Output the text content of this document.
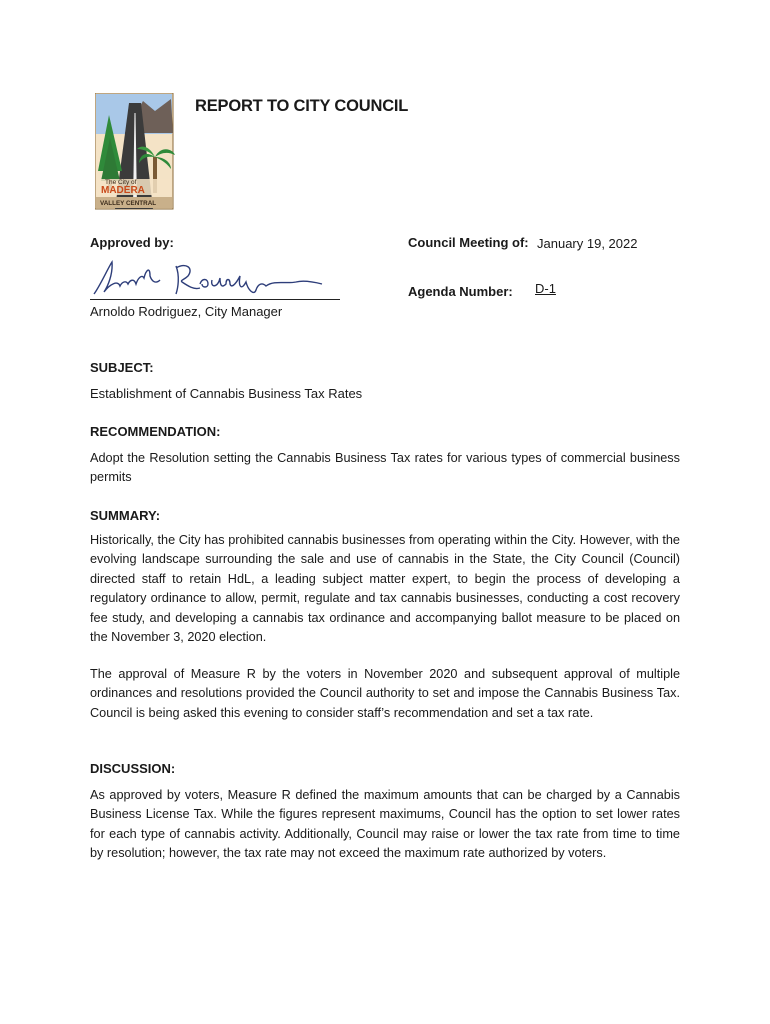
The City of
MADERA
VALLEY CENTRAL
REPORT TO CITY COUNCIL
Approved by:
Arnoldo Rodriguez, City Manager
Council Meeting of: January 19, 2022
Agenda Number: D-1
SUBJECT:
Establishment of Cannabis Business Tax Rates
RECOMMENDATION:
Adopt the Resolution setting the Cannabis Business Tax rates for various types of commercial business permits
SUMMARY:
Historically, the City has prohibited cannabis businesses from operating within the City. However, with the evolving landscape surrounding the sale and use of cannabis in the State, the City Council (Council) directed staff to retain HdL, a leading subject matter expert, to begin the process of developing a regulatory ordinance to allow, permit, regulate and tax cannabis businesses, conducting a cost recovery fee study, and developing a cannabis tax ordinance and accompanying ballot measure to be placed on the November 3, 2020 election.
The approval of Measure R by the voters in November 2020 and subsequent approval of multiple ordinances and resolutions provided the Council authority to set and impose the Cannabis Business Tax. Council is being asked this evening to consider staff’s recommendation and set a tax rate.
DISCUSSION:
As approved by voters, Measure R defined the maximum amounts that can be charged by a Cannabis Business License Tax. While the figures represent maximums, Council has the option to set lower rates for each type of cannabis activity. Additionally, Council may raise or lower the tax rate from time to time by resolution; however, the tax rate may not exceed the maximum rate authorized by voters.
